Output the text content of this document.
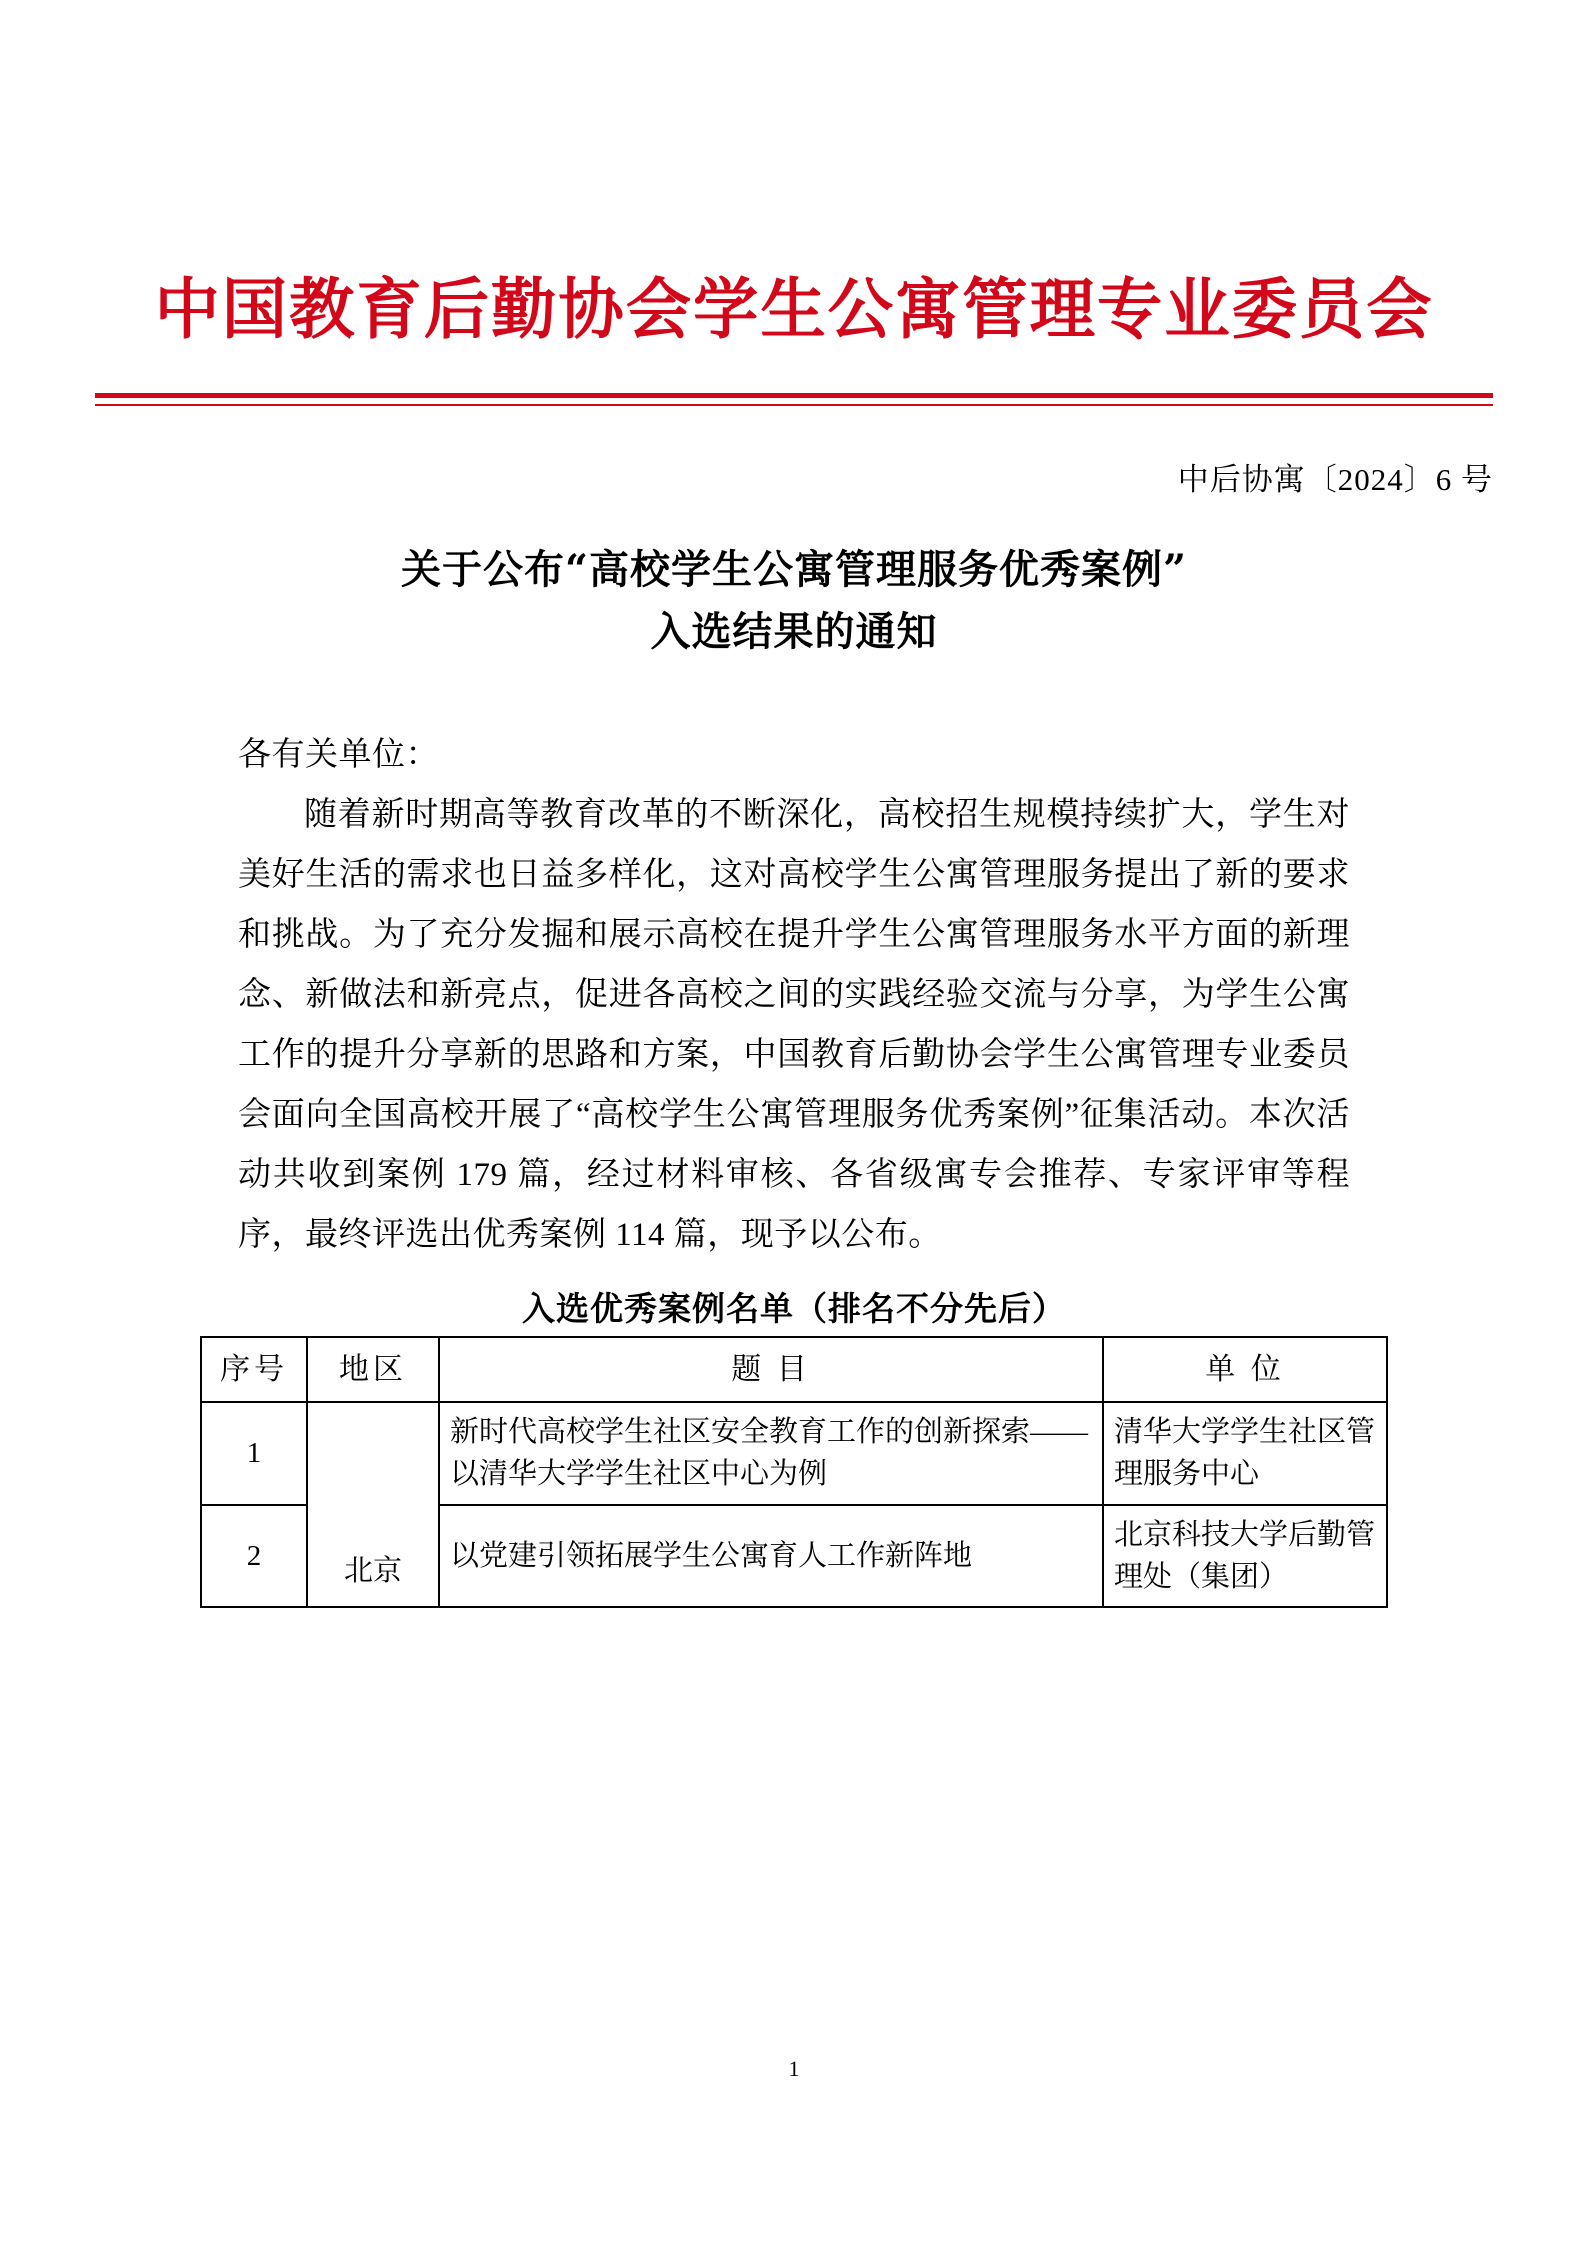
中国教育后勤协会学生公寓管理专业委员会
中后协寓〔2024〕6 号
关于公布“高校学生公寓管理服务优秀案例”
入选结果的通知

各有关单位：

随着新时期高等教育改革的不断深化，高校招生规模持续扩大，学生对美好生活的需求也日益多样化，这对高校学生公寓管理服务提出了新的要求和挑战。为了充分发掘和展示高校在提升学生公寓管理服务水平方面的新理念、新做法和新亮点，促进各高校之间的实践经验交流与分享，为学生公寓工作的提升分享新的思路和方案，中国教育后勤协会学生公寓管理专业委员会面向全国高校开展了“高校学生公寓管理服务优秀案例”征集活动。本次活动共收到案例 179 篇，经过材料审核、各省级寓专会推荐、专家评审等程序，最终评选出优秀案例 114 篇，现予以公布。

入选优秀案例名单（排名不分先后）
序号	地区	题 目	单 位
1	北京	新时代高校学生社区安全教育工作的创新探索——以清华大学学生社区中心为例	清华大学学生社区管理服务中心
2		以党建引领拓展学生公寓育人工作新阵地	北京科技大学后勤管理处（集团）
1
